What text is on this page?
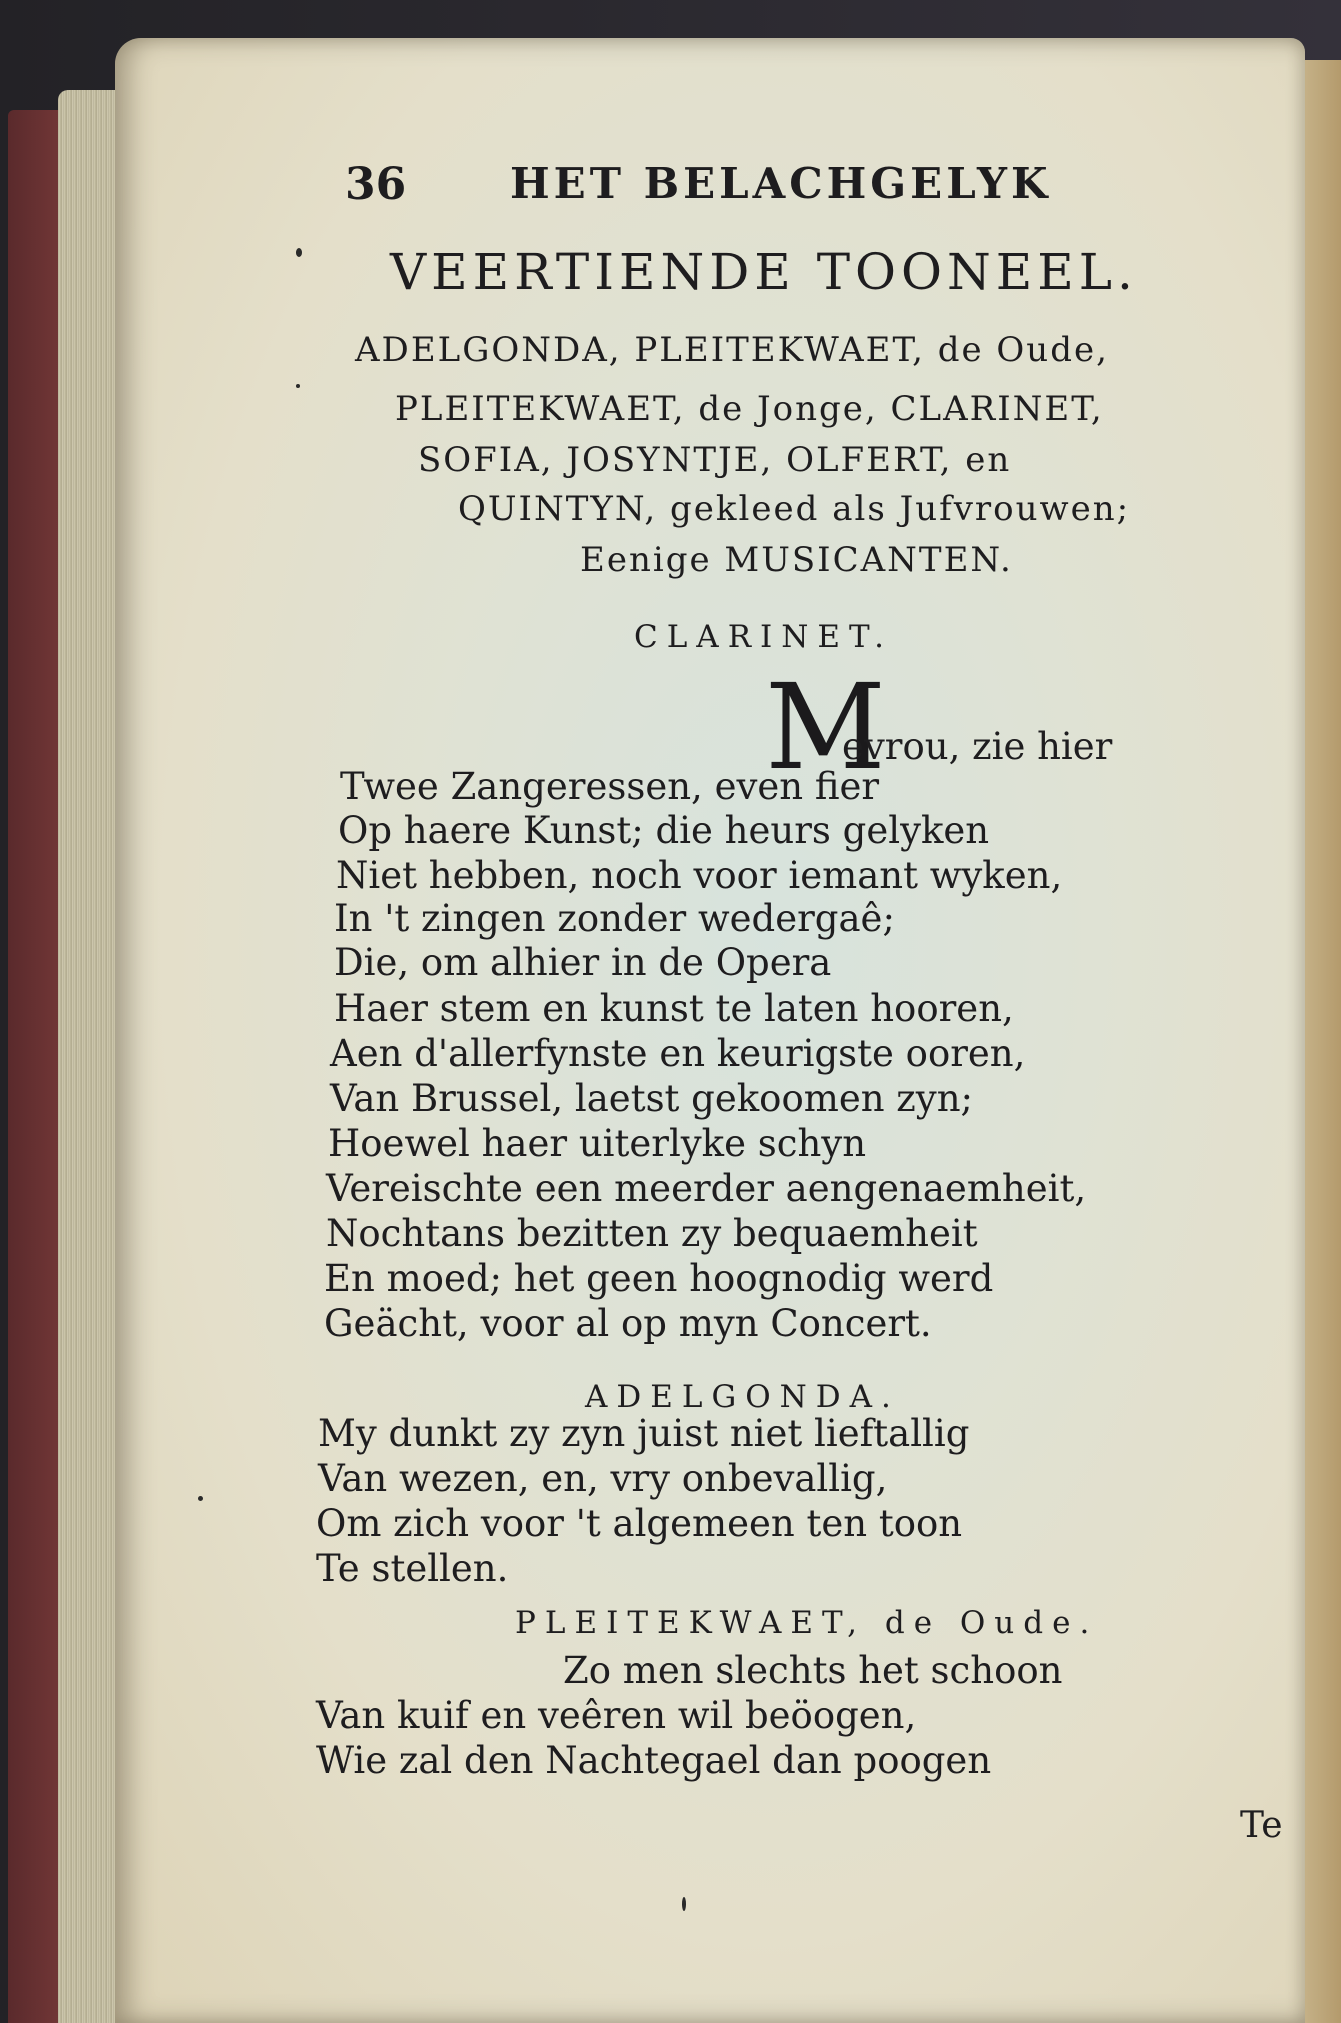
36 HET BELACHGELYK
VEERTIENDE TOONEEL.
ADELGONDA, PLEITEKWAET, de Oude,
PLEITEKWAET, de Jonge, CLARINET,
SOFIA, JOSYNTJE, OLFERT, en
QUINTYN, gekleed als Jufvrouwen;
Eenige MUSICANTEN.
CLARINET.
M
evrou, zie hier
Twee Zangeressen, even fier
Op haere Kunst; die heurs gelyken
Niet hebben, noch voor iemant wyken,
In 't zingen zonder wedergaê;
Die, om alhier in de Opera
Haer stem en kunst te laten hooren,
Aen d'allerfynste en keurigste ooren,
Van Brussel, laetst gekoomen zyn;
Hoewel haer uiterlyke schyn
Vereischte een meerder aengenaemheit,
Nochtans bezitten zy bequaemheit
En moed; het geen hoognodig werd
Geächt, voor al op myn Concert.
ADELGONDA.
My dunkt zy zyn juist niet lieftallig
Van wezen, en, vry onbevallig,
Om zich voor 't algemeen ten toon
Te stellen.
PLEITEKWAET, de Oude.
Zo men slechts het schoon
Van kuif en veêren wil beöogen,
Wie zal den Nachtegael dan poogen
Te
